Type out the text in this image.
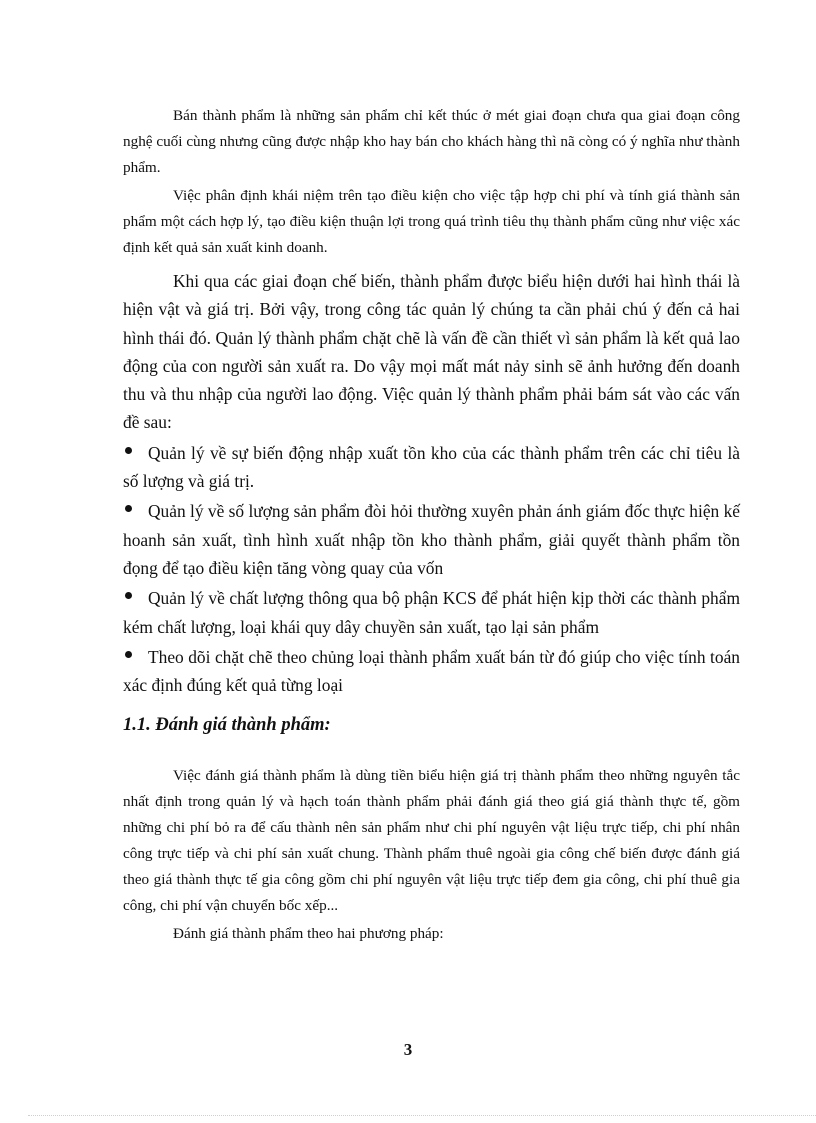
Bán thành phẩm là những sản phẩm chỉ kết thúc ở mét giai đoạn chưa qua giai đoạn công nghệ cuối cùng nhưng cũng được nhập kho hay bán cho khách hàng thì nã còng có ý nghĩa như thành phẩm.

Việc phân định khái niệm trên tạo điều kiện cho việc tập hợp chi phí và tính giá thành sản phẩm một cách hợp lý, tạo điều kiện thuận lợi trong quá trình tiêu thụ thành phẩm cũng như việc xác định kết quả sản xuất kinh doanh.

Khi qua các giai đoạn chế biến, thành phẩm được biểu hiện dưới hai hình thái là hiện vật và giá trị. Bởi vậy, trong công tác quản lý chúng ta cần phải chú ý đến cả hai hình thái đó. Quản lý thành phẩm chặt chẽ là vấn đề cần thiết vì sản phẩm là kết quả lao động của con người sản xuất ra. Do vậy mọi mất mát nảy sinh sẽ ảnh hưởng đến doanh thu và thu nhập của người lao động. Việc quản lý thành phẩm phải bám sát vào các vấn đề sau:

Quản lý về sự biến động nhập xuất tồn kho của các thành phẩm trên các chỉ tiêu là số lượng và giá trị.
Quản lý về số lượng sản phẩm đòi hỏi thường xuyên phản ánh giám đốc thực hiện kế hoanh sản xuất, tình hình xuất nhập tồn kho thành phẩm, giải quyết thành phẩm tồn đọng để tạo điều kiện tăng vòng quay của vốn
Quản lý về chất lượng thông qua bộ phận KCS để phát hiện kịp thời các thành phẩm kém chất lượng, loại khái quy dây chuyền sản xuất, tạo lại sản phẩm
Theo dõi chặt chẽ theo chủng loại thành phẩm xuất bán từ đó giúp cho việc tính toán xác định đúng kết quả từng loại
1.1. Đánh giá thành phẩm:

Việc đánh giá thành phẩm là dùng tiền biểu hiện giá trị thành phẩm theo những nguyên tắc nhất định trong quản lý và hạch toán thành phẩm phải đánh giá theo giá giá thành thực tế, gồm những chi phí bỏ ra để cấu thành nên sản phẩm như chi phí nguyên vật liệu trực tiếp, chi phí nhân công trực tiếp và chi phí sản xuất chung. Thành phẩm thuê ngoài gia công chế biến được đánh giá theo giá thành thực tế gia công gồm chi phí nguyên vật liệu trực tiếp đem gia công, chi phí thuê gia công, chi phí vận chuyển bốc xếp...

Đánh giá thành phẩm theo hai phương pháp:

3
